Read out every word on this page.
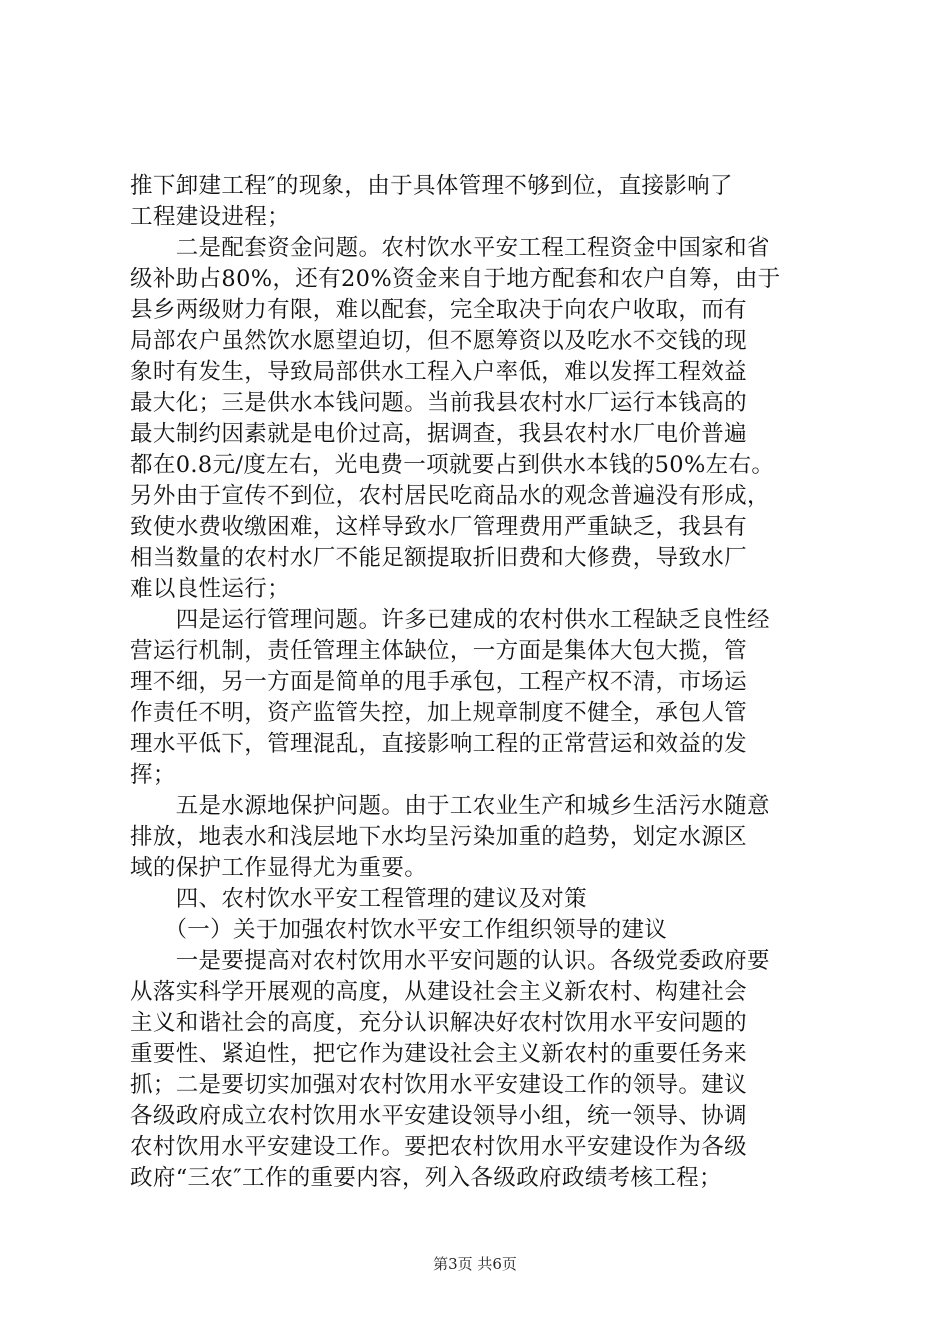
推下卸建工程″的现象，由于具体管理不够到位，直接影响了
工程建设进程；
　　二是配套资金问题。农村饮水平安工程工程资金中国家和省
级补助占80%，还有20%资金来自于地方配套和农户自筹，由于
县乡两级财力有限，难以配套，完全取决于向农户收取，而有
局部农户虽然饮水愿望迫切，但不愿筹资以及吃水不交钱的现
象时有发生，导致局部供水工程入户率低，难以发挥工程效益
最大化；三是供水本钱问题。当前我县农村水厂运行本钱高的
最大制约因素就是电价过高，据调查，我县农村水厂电价普遍
都在0.8元/度左右，光电费一项就要占到供水本钱的50%左右。
另外由于宣传不到位，农村居民吃商品水的观念普遍没有形成，
致使水费收缴困难，这样导致水厂管理费用严重缺乏，我县有
相当数量的农村水厂不能足额提取折旧费和大修费，导致水厂
难以良性运行；
　　四是运行管理问题。许多已建成的农村供水工程缺乏良性经
营运行机制，责任管理主体缺位，一方面是集体大包大揽，管
理不细，另一方面是简单的甩手承包，工程产权不清，市场运
作责任不明，资产监管失控，加上规章制度不健全，承包人管
理水平低下，管理混乱，直接影响工程的正常营运和效益的发
挥；
　　五是水源地保护问题。由于工农业生产和城乡生活污水随意
排放，地表水和浅层地下水均呈污染加重的趋势，划定水源区
域的保护工作显得尤为重要。
　　四、农村饮水平安工程管理的建议及对策
　　（一）关于加强农村饮水平安工作组织领导的建议
　　一是要提高对农村饮用水平安问题的认识。各级党委政府要
从落实科学开展观的高度，从建设社会主义新农村、构建社会
主义和谐社会的高度，充分认识解决好农村饮用水平安问题的
重要性、紧迫性，把它作为建设社会主义新农村的重要任务来
抓；二是要切实加强对农村饮用水平安建设工作的领导。建议
各级政府成立农村饮用水平安建设领导小组，统一领导、协调
农村饮用水平安建设工作。要把农村饮用水平安建设作为各级
政府“三农″工作的重要内容，列入各级政府政绩考核工程；
第3页 共6页
